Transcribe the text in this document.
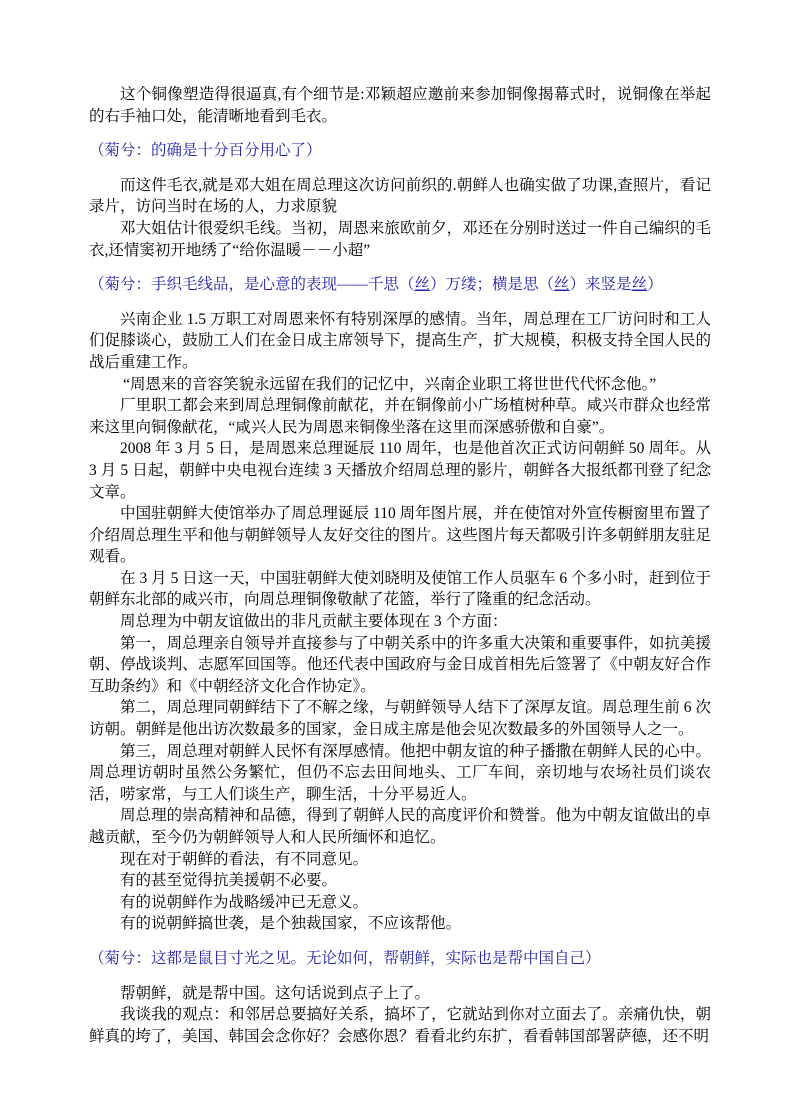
这个铜像塑造得很逼真,有个细节是:邓颖超应邀前来参加铜像揭幕式时，说铜像在举起的右手袖口处，能清晰地看到毛衣。

（菊兮：的确是十分百分用心了）

而这件毛衣,就是邓大姐在周总理这次访问前织的.朝鲜人也确实做了功课,查照片，看记录片，访问当时在场的人，力求原貌

邓大姐估计很爱织毛线。当初，周恩来旅欧前夕，邓还在分别时送过一件自己编织的毛衣,还情窦初开地绣了“给你温暖－－小超”

（菊兮：手织毛线品，是心意的表现——千思（丝）万缕；横是思（丝）来竖是丝）

兴南企业 1.5 万职工对周恩来怀有特别深厚的感情。当年，周总理在工厂访问时和工人们促膝谈心，鼓励工人们在金日成主席领导下，提高生产，扩大规模，积极支持全国人民的战后重建工作。

“周恩来的音容笑貌永远留在我们的记忆中，兴南企业职工将世世代代怀念他。”

厂里职工都会来到周总理铜像前献花，并在铜像前小广场植树种草。咸兴市群众也经常来这里向铜像献花，“咸兴人民为周恩来铜像坐落在这里而深感骄傲和自豪”。

2008 年 3 月 5 日，是周恩来总理诞辰 110 周年，也是他首次正式访问朝鲜 50 周年。从 3 月 5 日起，朝鲜中央电视台连续 3 天播放介绍周总理的影片，朝鲜各大报纸都刊登了纪念文章。

中国驻朝鲜大使馆举办了周总理诞辰 110 周年图片展，并在使馆对外宣传橱窗里布置了介绍周总理生平和他与朝鲜领导人友好交往的图片。这些图片每天都吸引许多朝鲜朋友驻足观看。

在 3 月 5 日这一天，中国驻朝鲜大使刘晓明及使馆工作人员驱车 6 个多小时，赶到位于朝鲜东北部的咸兴市，向周总理铜像敬献了花篮，举行了隆重的纪念活动。

周总理为中朝友谊做出的非凡贡献主要体现在 3 个方面：

第一，周总理亲自领导并直接参与了中朝关系中的许多重大决策和重要事件，如抗美援朝、停战谈判、志愿军回国等。他还代表中国政府与金日成首相先后签署了《中朝友好合作互助条约》和《中朝经济文化合作协定》。

第二，周总理同朝鲜结下了不解之缘，与朝鲜领导人结下了深厚友谊。周总理生前 6 次访朝。朝鲜是他出访次数最多的国家，金日成主席是他会见次数最多的外国领导人之一。

第三，周总理对朝鲜人民怀有深厚感情。他把中朝友谊的种子播撒在朝鲜人民的心中。周总理访朝时虽然公务繁忙，但仍不忘去田间地头、工厂车间，亲切地与农场社员们谈农活，唠家常，与工人们谈生产，聊生活，十分平易近人。

周总理的崇高精神和品德，得到了朝鲜人民的高度评价和赞誉。他为中朝友谊做出的卓越贡献，至今仍为朝鲜领导人和人民所缅怀和追忆。

现在对于朝鲜的看法，有不同意见。

有的甚至觉得抗美援朝不必要。

有的说朝鲜作为战略缓冲已无意义。

有的说朝鲜搞世袭，是个独裁国家，不应该帮他。

（菊兮：这都是鼠目寸光之见。无论如何，帮朝鲜，实际也是帮中国自己）

帮朝鲜，就是帮中国。这句话说到点子上了。

我谈我的观点：和邻居总要搞好关系，搞坏了，它就站到你对立面去了。亲痛仇快，朝鲜真的垮了，美国、韩国会念你好？会感你恩？看看北约东扩，看看韩国部署萨德，还不明
